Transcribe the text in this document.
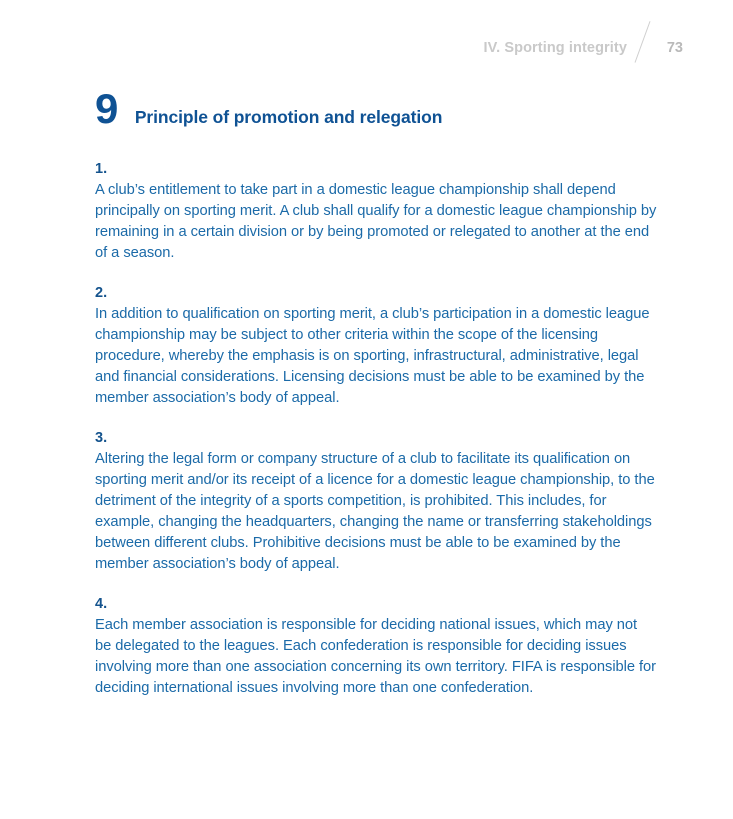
IV. Sporting integrity	73
9 Principle of promotion and relegation

1.

A club’s entitlement to take part in a domestic league championship shall depend principally on sporting merit. A club shall qualify for a domestic league championship by remaining in a certain division or by being promoted or relegated to another at the end of a season.

2.

In addition to qualification on sporting merit, a club’s participation in a domestic league championship may be subject to other criteria within the scope of the licensing procedure, whereby the emphasis is on sporting, infrastructural, administrative, legal and financial considerations. Licensing decisions must be able to be examined by the member association’s body of appeal.

3.

Altering the legal form or company structure of a club to facilitate its qualification on sporting merit and/or its receipt of a licence for a domestic league championship, to the detriment of the integrity of a sports competition, is prohibited. This includes, for example, changing the headquarters, changing the name or transferring stakeholdings between different clubs. Prohibitive decisions must be able to be examined by the member association’s body of appeal.

4.

Each member association is responsible for deciding national issues, which may not be delegated to the leagues. Each confederation is responsible for deciding issues involving more than one association concerning its own territory. FIFA is responsible for deciding international issues involving more than one confederation.
